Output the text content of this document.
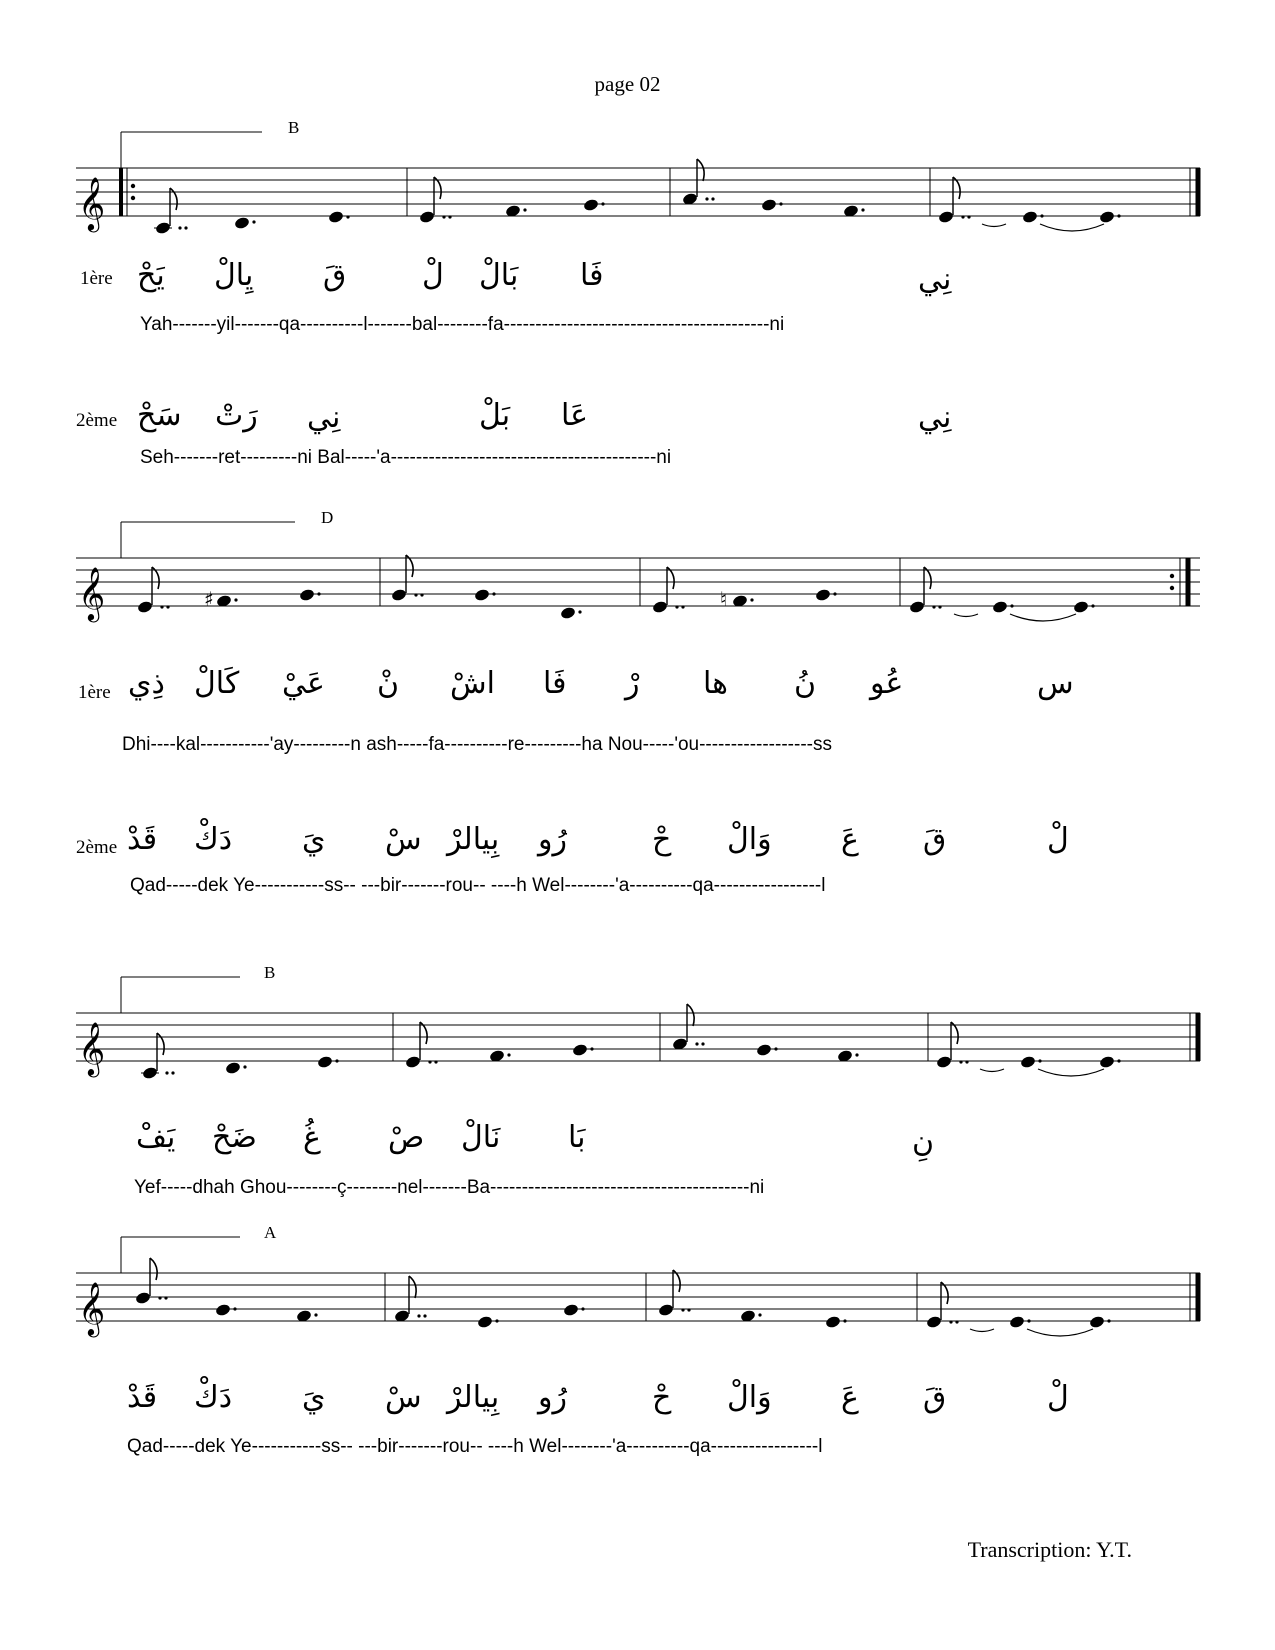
page 02
𝄞
B
1ère يَحْ يِالْ قَ	لْ بَالْ فَا	نِي
Yah-------yil-------qa----------l-------bal--------fa------------------------------------------ni
2ème سَحْ رَتْ نِي	بَلْ عَا	نِي
Seh-------ret---------ni Bal-----'a------------------------------------------ni
𝄞	♯	♮
D
1ère ذِي كَالْ عَيْ نْ اشْ فَا رْ ها نُ عُو	س
Dhi----kal-----------'ay---------n ash-----fa----------re---------ha Nou-----'ou------------------ss
2ème قَدْ دَكْ يَ سْ بِيالرْ رُو	حْ وَالْ عَ قَ	لْ
Qad-----dek Ye-----------ss-- ---bir-------rou-- ----h Wel--------'a----------qa-----------------l
𝄞
B
يَفْ ضَحْ غُ صْ نَالْ بَا	نِ
Yef-----dhah Ghou--------ç--------nel-------Ba-----------------------------------------ni
𝄞
A
قَدْ دَكْ يَ سْ بِيالرْ رُو	حْ وَالْ عَ قَ	لْ
Qad-----dek Ye-----------ss-- ---bir-------rou-- ----h Wel--------'a----------qa-----------------l
Transcription: Y.T.
